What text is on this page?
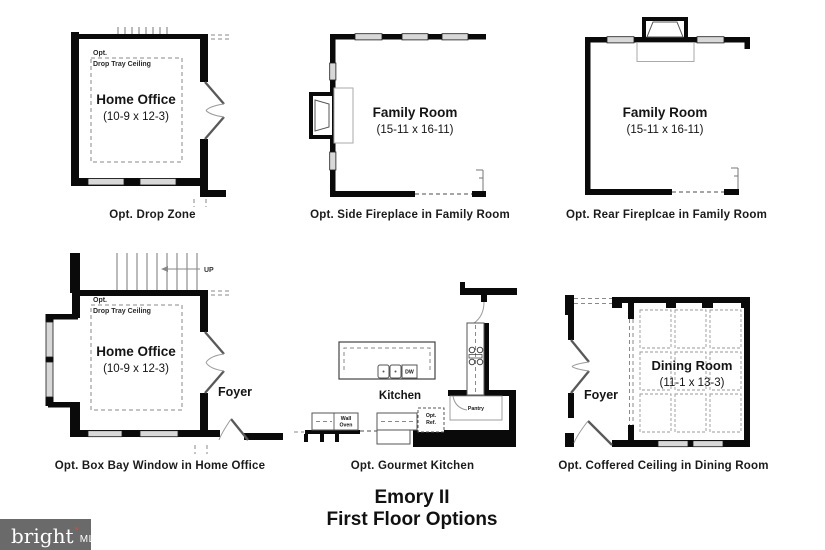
Opt.
Drop Tray Ceiling
Home Office
(10-9 x 12-3)
Opt. Drop Zone
Family Room
(15-11 x 16-11)
Opt. Side Fireplace in Family Room
Family Room
(15-11 x 16-11)
Opt. Rear Fireplcae in Family Room
UP
Opt.
Drop Tray Ceiling
Home Office
(10-9 x 12-3)
Foyer
Opt. Box Bay Window in Home Office
DW
Pantry
Wall
Oven
Opt.
Ref.
Kitchen
Opt. Gourmet Kitchen
Dining Room
(11-1 x 13-3)
Foyer
Opt. Coffered Ceiling in Dining Room
Emory II
First Floor Options
bright *
MLS
